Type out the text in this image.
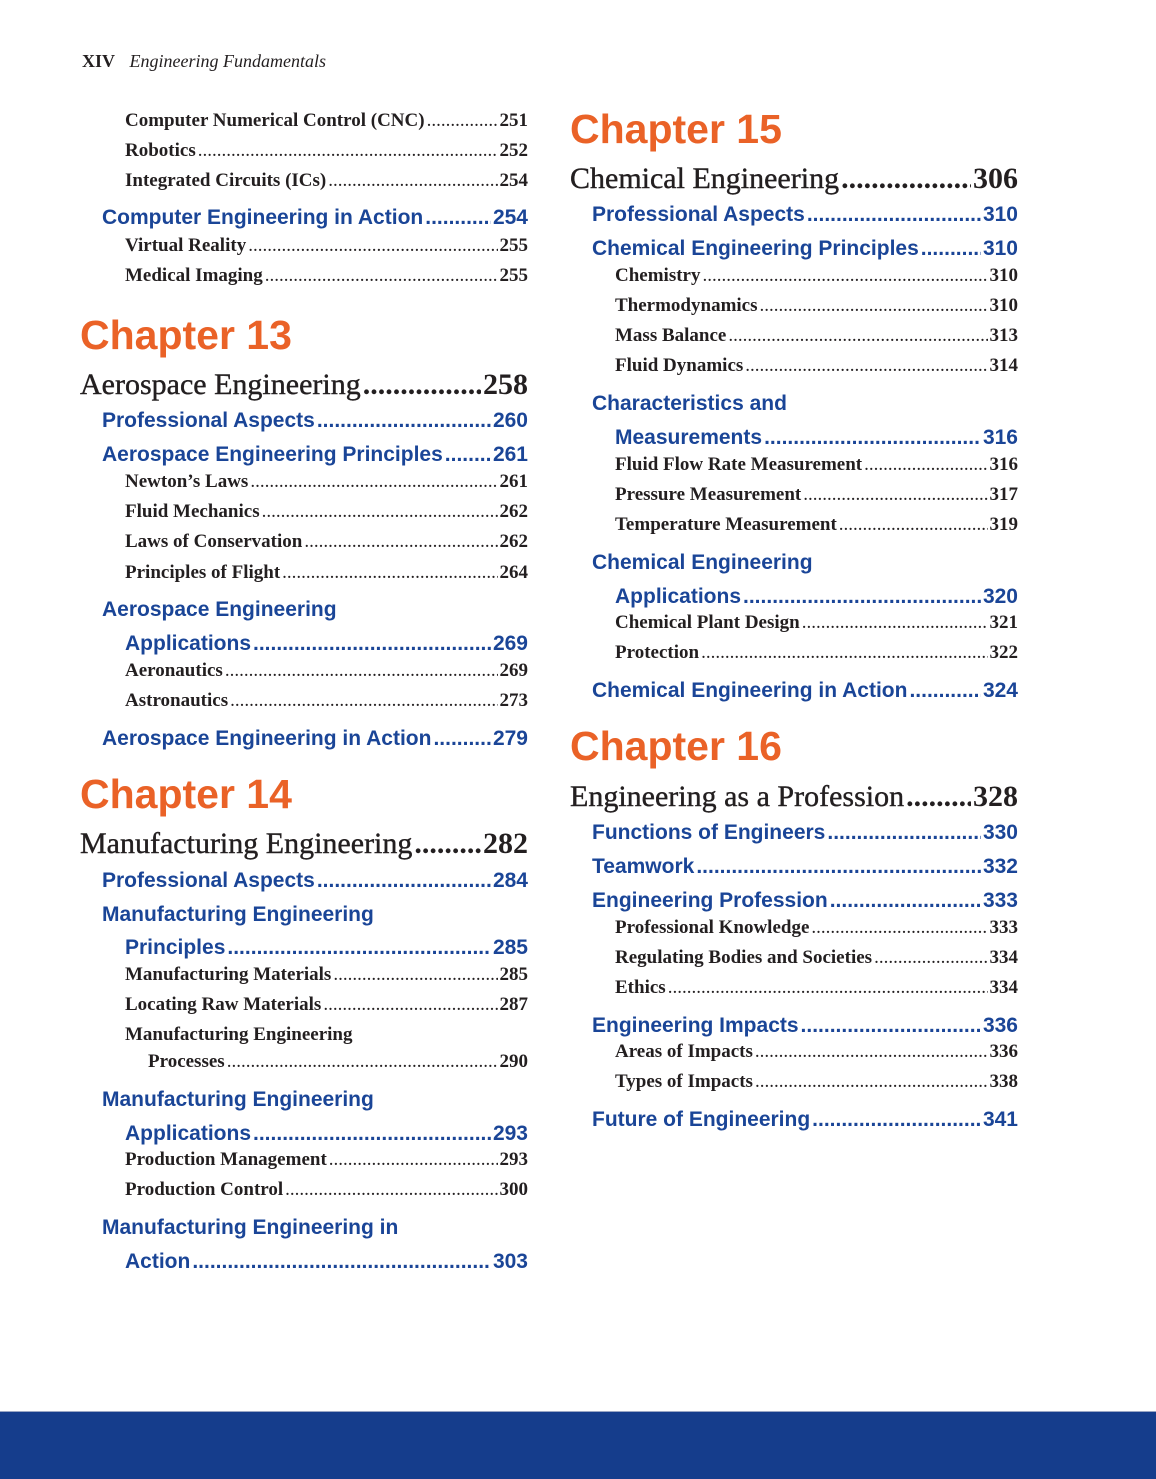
XIV Engineering Fundamentals
Computer Numerical Control (CNC) .....	251
Robotics .....	252
Integrated Circuits (ICs) .....	254
Computer Engineering in Action .....	254
Virtual Reality .....	255
Medical Imaging .....	255
Chapter 13
Aerospace Engineering .....	258
Professional Aspects .....	260
Aerospace Engineering Principles ..... 261
Newton’s Laws .....	261
Fluid Mechanics .....	262
Laws of Conservation .....	262
Principles of Flight .....	264
Aerospace Engineering
Applications .....	269
Aeronautics .....	269
Astronautics .....	273
Aerospace Engineering in Action .....	279
Chapter 14
Manufacturing Engineering ..... 282
Professional Aspects .....	284
Manufacturing Engineering
Principles .....	285
Manufacturing Materials .....	285
Locating Raw Materials .....	287
Manufacturing Engineering
Processes .....	290
Manufacturing Engineering
Applications .....	293
Production Management .....	293
Production Control .....	300
Manufacturing Engineering in
Action .....	303
Chapter 15
Chemical Engineering .....	306
Professional Aspects .....	310
Chemical Engineering Principles .....	310
Chemistry .....	310
Thermodynamics .....	310
Mass Balance .....	313
Fluid Dynamics .....	314
Characteristics and
Measurements .....	316
Fluid Flow Rate Measurement .....	316
Pressure Measurement .....	317
Temperature Measurement .....	319
Chemical Engineering
Applications .....	320
Chemical Plant Design .....	321
Protection .....	322
Chemical Engineering in Action .....	324
Chapter 16
Engineering as a Profession ..... 328
Functions of Engineers .....	330
Teamwork .....	332
Engineering Profession .....	333
Professional Knowledge .....	333
Regulating Bodies and Societies .....	334
Ethics .....	334
Engineering Impacts .....	336
Areas of Impacts .....	336
Types of Impacts .....	338
Future of Engineering .....	341
